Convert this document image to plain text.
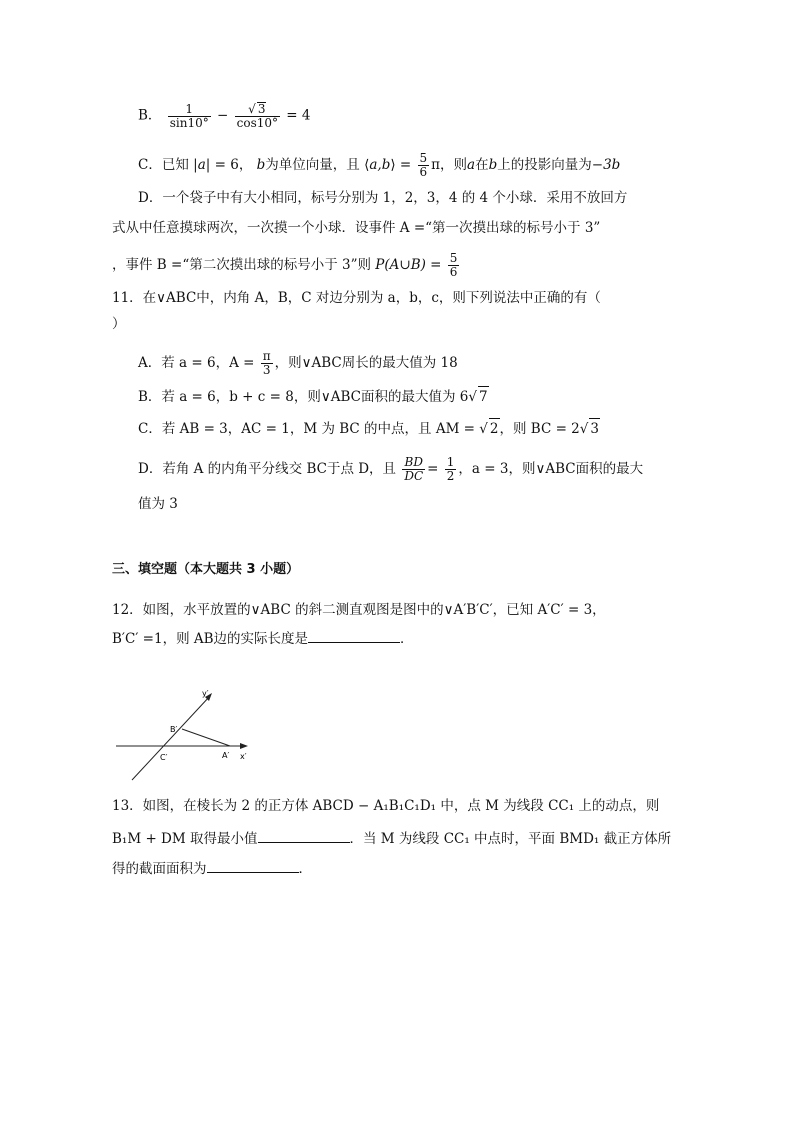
B． $\frac{1}{\sin 10^\circ} - \frac{√ 3}{\cos 10^\circ} = 4$
C．已知 |a| = 6， b为单位向量，且 ⟨a,b⟩ = $\frac{5}{6}$ π，则a在b上的投影向量为−3b
D．一个袋子中有大小相同，标号分别为 1，2，3，4 的 4 个小球．采用不放回方
式从中任意摸球两次，一次摸一个小球．设事件 A =“第一次摸出球的标号小于 3”
，事件 B =“第二次摸出球的标号小于 3”则 P(A∪B) = $\frac{5}{6}$
11．在∨ABC中，内角 A，B，C 对边分别为 a，b，c，则下列说法中正确的有（
）
A．若 a = 6，$A = \frac{\pi}{3}$ ，则∨ABC周长的最大值为 18
B．若 a = 6，b + c = 8，则∨ABC面积的最大值为 6√ 7
C．若 AB = 3，AC = 1，M 为 BC 的中点，且 AM = √ 2，则 BC = 2√ 3
D．若角 A 的内角平分线交 BC于点 D，且 $\frac{BD}{DC} = \frac{1}{2}$ ，a = 3，则∨ABC面积的最大
值为 3
三、填空题（本大题共 3 小题）
12．如图，水平放置的∨ABC 的斜二测直观图是图中的∨A′B′C′，已知 A′C′ = 3，
B′C′ =1，则 AB边的实际长度是	．
y′
B′
C′	A′ x′
13．如图，在棱长为 2 的正方体 ABCD − A₁B₁C₁D₁ 中，点 M 为线段 CC₁ 上的动点，则
B₁M + DM 取得最小值	．当 M 为线段 CC₁ 中点时，平面 BMD₁ 截正方体所
得的截面面积为	．
